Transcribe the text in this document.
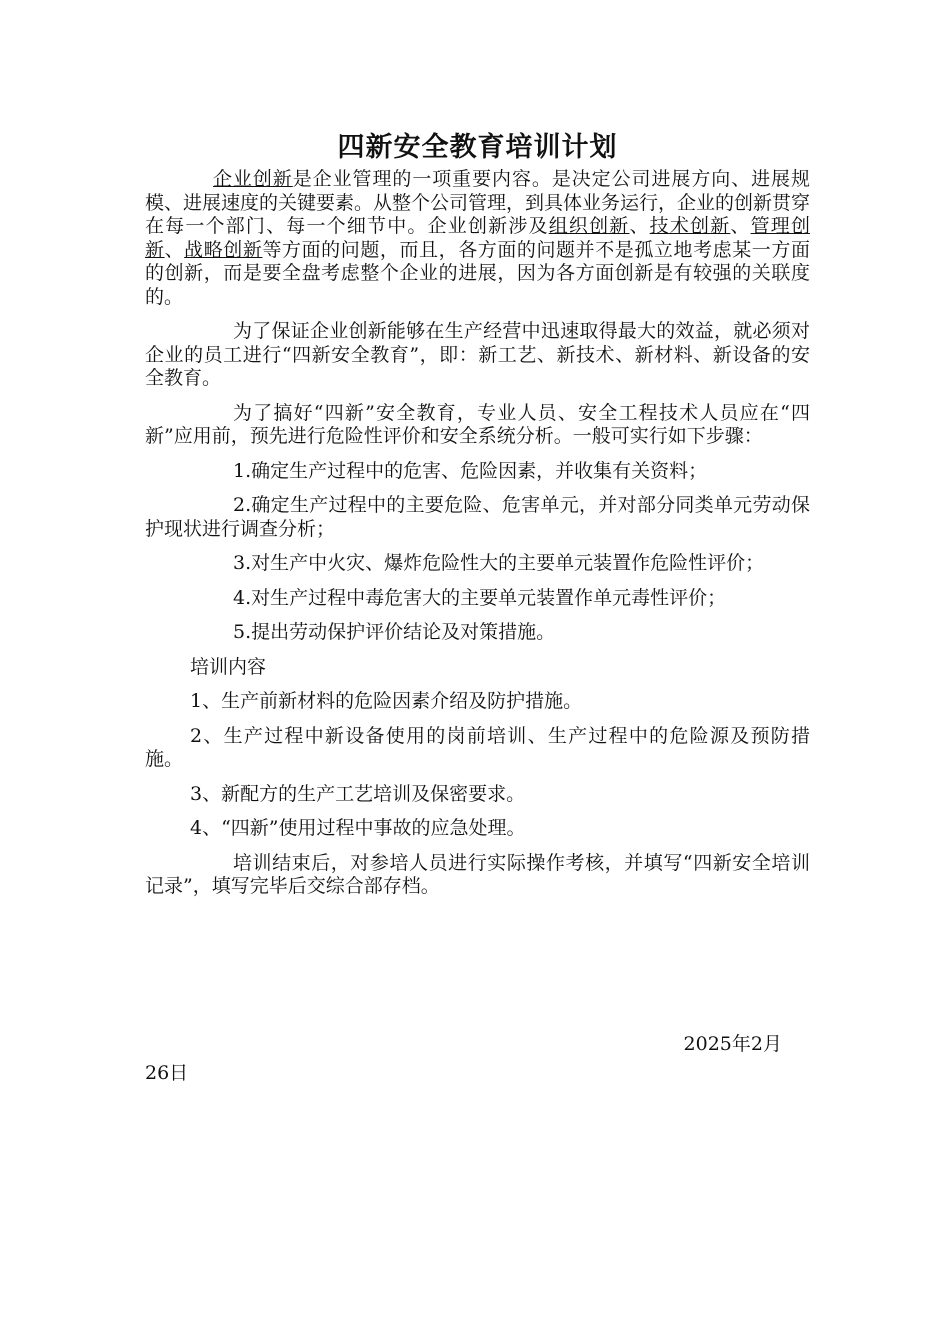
四新安全教育培训计划

企业创新是企业管理的一项重要内容。是决定公司进展方向、进展规模、进展速度的关键要素。从整个公司管理，到具体业务运行，企业的创新贯穿在每一个部门、每一个细节中。企业创新涉及组织创新、技术创新、管理创新、战略创新等方面的问题，而且，各方面的问题并不是孤立地考虑某一方面的创新，而是要全盘考虑整个企业的进展，因为各方面创新是有较强的关联度的。

为了保证企业创新能够在生产经营中迅速取得最大的效益，就必须对企业的员工进行“四新安全教育”，即：新工艺、新技术、新材料、新设备的安全教育。

为了搞好“四新”安全教育，专业人员、安全工程技术人员应在“四新”应用前，预先进行危险性评价和安全系统分析。一般可实行如下步骤：

1.确定生产过程中的危害、危险因素，并收集有关资料；

2.确定生产过程中的主要危险、危害单元，并对部分同类单元劳动保护现状进行调查分析；

3.对生产中火灾、爆炸危险性大的主要单元装置作危险性评价；

4.对生产过程中毒危害大的主要单元装置作单元毒性评价；

5.提出劳动保护评价结论及对策措施。

培训内容

1、生产前新材料的危险因素介绍及防护措施。

2、生产过程中新设备使用的岗前培训、生产过程中的危险源及预防措施。

3、新配方的生产工艺培训及保密要求。

4、“四新”使用过程中事故的应急处理。

培训结束后，对参培人员进行实际操作考核，并填写“四新安全培训记录”，填写完毕后交综合部存档。

2025年2月

26日
